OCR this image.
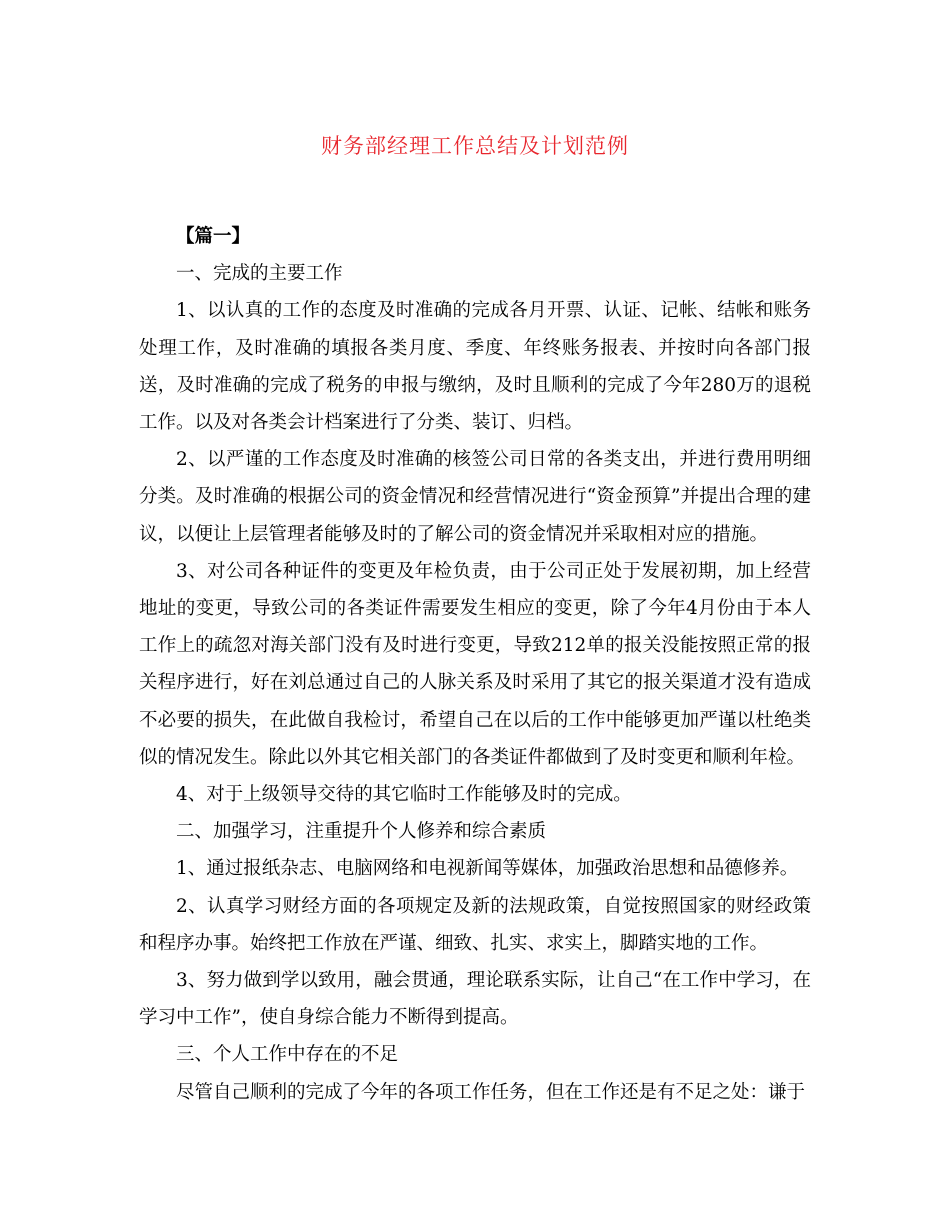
财务部经理工作总结及计划范例

【篇一】

一、完成的主要工作

1、以认真的工作的态度及时准确的完成各月开票、认证、记帐、结帐和账务处理工作，及时准确的填报各类月度、季度、年终账务报表、并按时向各部门报送，及时准确的完成了税务的申报与缴纳，及时且顺利的完成了今年280万的退税工作。以及对各类会计档案进行了分类、装订、归档。

2、以严谨的工作态度及时准确的核签公司日常的各类支出，并进行费用明细分类。及时准确的根据公司的资金情况和经营情况进行“资金预算”并提出合理的建议，以便让上层管理者能够及时的了解公司的资金情况并采取相对应的措施。

3、对公司各种证件的变更及年检负责，由于公司正处于发展初期，加上经营地址的变更，导致公司的各类证件需要发生相应的变更，除了今年4月份由于本人工作上的疏忽对海关部门没有及时进行变更，导致212单的报关没能按照正常的报关程序进行，好在刘总通过自己的人脉关系及时采用了其它的报关渠道才没有造成不必要的损失，在此做自我检讨，希望自己在以后的工作中能够更加严谨以杜绝类似的情况发生。除此以外其它相关部门的各类证件都做到了及时变更和顺利年检。

4、对于上级领导交待的其它临时工作能够及时的完成。

二、加强学习，注重提升个人修养和综合素质

1、通过报纸杂志、电脑网络和电视新闻等媒体，加强政治思想和品德修养。

2、认真学习财经方面的各项规定及新的法规政策，自觉按照国家的财经政策和程序办事。始终把工作放在严谨、细致、扎实、求实上，脚踏实地的工作。

3、努力做到学以致用，融会贯通，理论联系实际，让自己“在工作中学习，在学习中工作”，使自身综合能力不断得到提高。

三、个人工作中存在的不足

尽管自己顺利的完成了今年的各项工作任务，但在工作还是有不足之处：谦于
